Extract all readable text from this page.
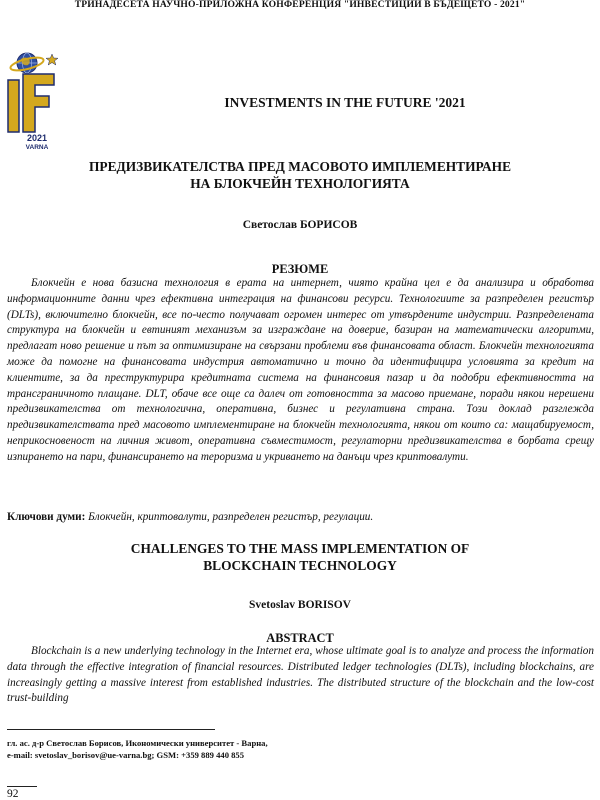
ТРИНАДЕСЕТА НАУЧНО-ПРИЛОЖНА КОНФЕРЕНЦИЯ "ИНВЕСТИЦИИ В БЪДЕЩЕТО - 2021"
2021
VARNA
INVESTMENTS IN THE FUTURE '2021
ПРЕДИЗВИКАТЕЛСТВА ПРЕД МАСОВОТО ИМПЛЕМЕНТИРАНЕ
НА БЛОКЧЕЙН ТЕХНОЛОГИЯТА
Светослав БОРИСОВ
РЕЗЮМЕ

Блокчейн е нова базисна технология в ерата на интернет, чиято крайна цел е да анализира и обработва информационните данни чрез ефективна интеграция на финансови ресурси. Технологиите за разпределен регистър (DLTs), включително блокчейн, все по-често получават огромен интерес от утвърдените индустрии. Разпределената структура на блокчейн и евтиният механизъм за изграждане на доверие, базиран на математически алгоритми, предлагат ново решение и път за оптимизиране на свързани проблеми във финансовата област. Блокчейн технологията може да помогне на финансовата индустрия автоматично и точно да идентифицира условията за кредит на клиентите, за да преструктурира кредитната система на финансовия пазар и да подобри ефективността на трансграничното плащане. DLT, обаче все още са далеч от готовността за масово приемане, поради някои нерешени предизвикателства от технологична, оперативна, бизнес и регулативна страна. Този доклад разглежда предизвикателствата пред масовото имплементиране на блокчейн технологията, някои от които са: мащабируемост, неприкосновеност на личния живот, оперативна съвместимост, регулаторни предизвикателства в борбата срещу изпирането на пари, финансирането на тероризма и укриването на данъци чрез криптовалути.

Ключови думи: Блокчейн, криптовалути, разпределен регистър, регулации.

CHALLENGES TO THE MASS IMPLEMENTATION OF
BLOCKCHAIN TECHNOLOGY
Svetoslav BORISOV
ABSTRACT

Blockchain is a new underlying technology in the Internet era, whose ultimate goal is to analyze and process the information data through the effective integration of financial resources. Distributed ledger technologies (DLTs), including blockchains, are increasingly getting a massive interest from established industries. The distributed structure of the blockchain and the low-cost trust-building

гл. ас. д-р Светослав Борисов, Икономически университет - Варна,
e-mail: svetoslav_borisov@ue-varna.bg; GSM: +359 889 440 855
92
